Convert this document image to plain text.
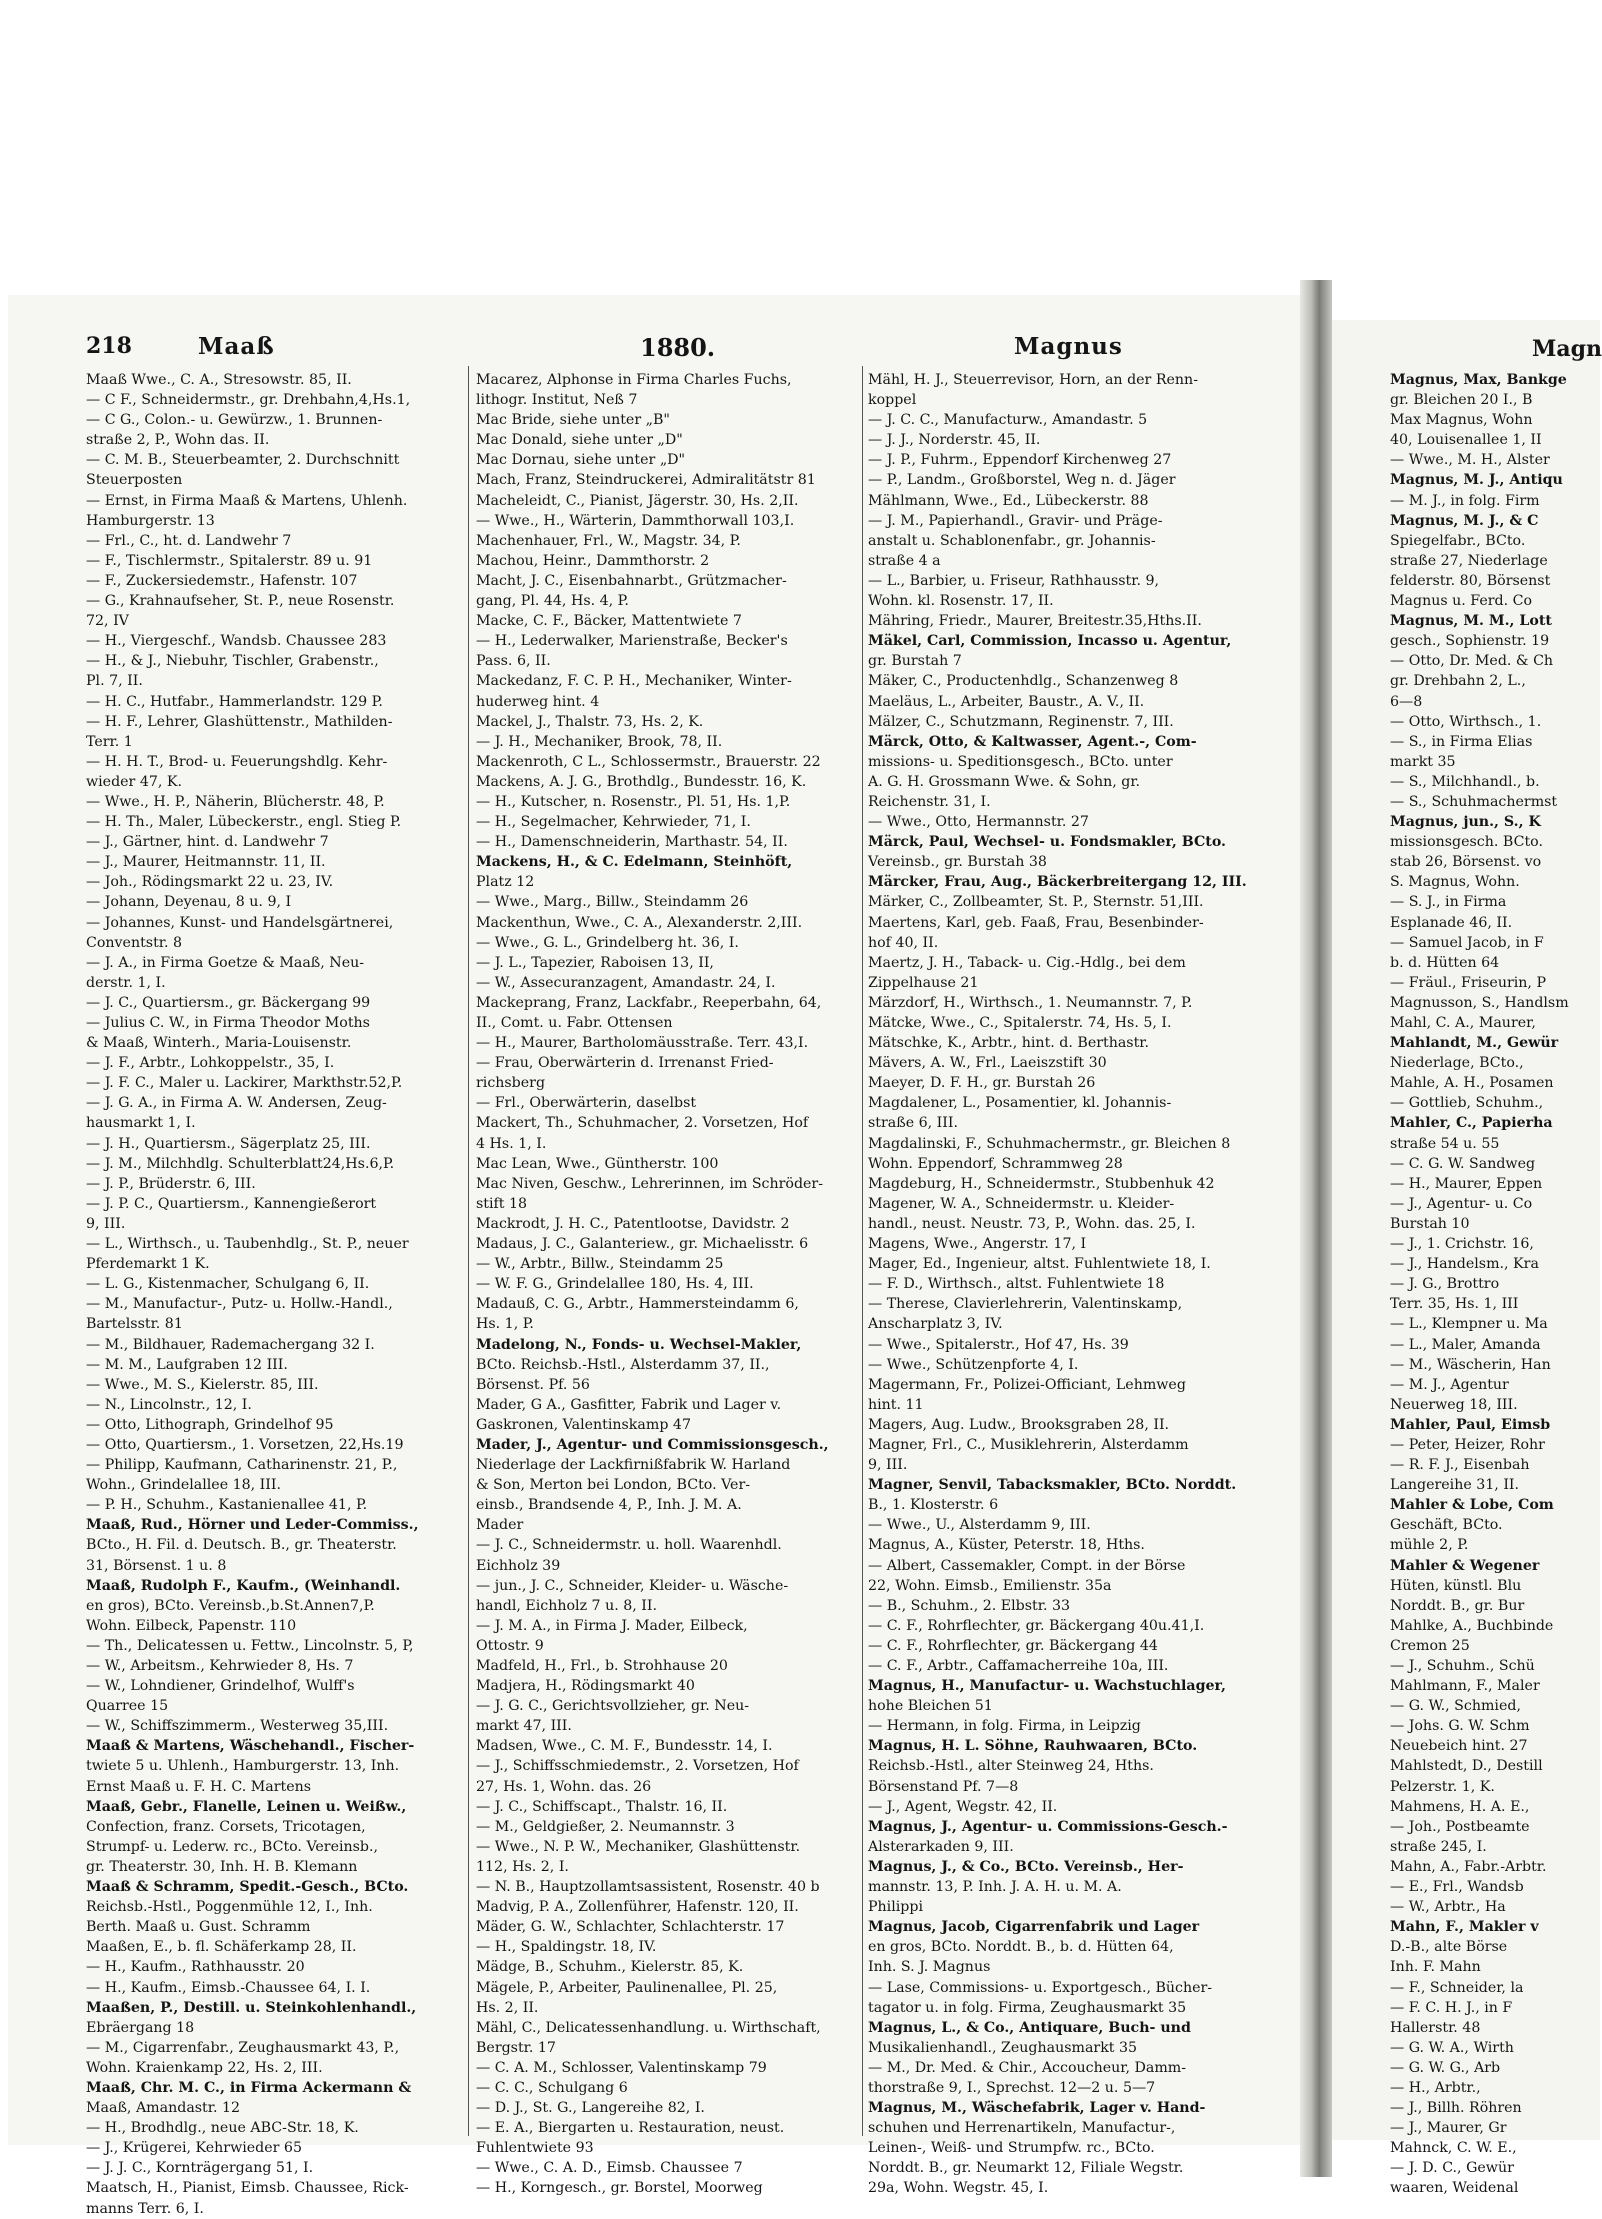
218	Maaß	1880.	Magnus	Magn
Maaß Wwe., C. A., Stresowstr. 85, II.
— C F., Schneidermstr., gr. Drehbahn,4,Hs.1,
— C G., Colon.- u. Gewürzw., 1. Brunnen-
straße 2, P., Wohn das. II.
— C. M. B., Steuerbeamter, 2. Durchschnitt
Steuerposten
— Ernst, in Firma Maaß & Martens, Uhlenh.
Hamburgerstr. 13
— Frl., C., ht. d. Landwehr 7
— F., Tischlermstr., Spitalerstr. 89 u. 91
— F., Zuckersiedemstr., Hafenstr. 107
— G., Krahnaufseher, St. P., neue Rosenstr.
72, IV
— H., Viergeschf., Wandsb. Chaussee 283
— H., & J., Niebuhr, Tischler, Grabenstr.,
Pl. 7, II.
— H. C., Hutfabr., Hammerlandstr. 129 P.
— H. F., Lehrer, Glashüttenstr., Mathilden-
Terr. 1
— H. H. T., Brod- u. Feuerungshdlg. Kehr-
wieder 47, K.
— Wwe., H. P., Näherin, Blücherstr. 48, P.
— H. Th., Maler, Lübeckerstr., engl. Stieg P.
— J., Gärtner, hint. d. Landwehr 7
— J., Maurer, Heitmannstr. 11, II.
— Joh., Rödingsmarkt 22 u. 23, IV.
— Johann, Deyenau, 8 u. 9, I
— Johannes, Kunst- und Handelsgärtnerei,
Conventstr. 8
— J. A., in Firma Goetze & Maaß, Neu-
derstr. 1, I.
— J. C., Quartiersm., gr. Bäckergang 99
— Julius C. W., in Firma Theodor Moths
& Maaß, Winterh., Maria-Louisenstr.
— J. F., Arbtr., Lohkoppelstr., 35, I.
— J. F. C., Maler u. Lackirer, Markthstr.52,P.
— J. G. A., in Firma A. W. Andersen, Zeug-
hausmarkt 1, I.
— J. H., Quartiersm., Sägerplatz 25, III.
— J. M., Milchhdlg. Schulterblatt24,Hs.6,P.
— J. P., Brüderstr. 6, III.
— J. P. C., Quartiersm., Kannengießerort
9, III.
— L., Wirthsch., u. Taubenhdlg., St. P., neuer
Pferdemarkt 1 K.
— L. G., Kistenmacher, Schulgang 6, II.
— M., Manufactur-, Putz- u. Hollw.-Handl.,
Bartelsstr. 81
— M., Bildhauer, Rademachergang 32 I.
— M. M., Laufgraben 12 III.
— Wwe., M. S., Kielerstr. 85, III.
— N., Lincolnstr., 12, I.
— Otto, Lithograph, Grindelhof 95
— Otto, Quartiersm., 1. Vorsetzen, 22,Hs.19
— Philipp, Kaufmann, Catharinenstr. 21, P.,
Wohn., Grindelallee 18, III.
— P. H., Schuhm., Kastanienallee 41, P.
Maaß, Rud., Hörner und Leder-Commiss.,
BCto., H. Fil. d. Deutsch. B., gr. Theaterstr.
31, Börsenst. 1 u. 8
Maaß, Rudolph F., Kaufm., (Weinhandl.
en gros), BCto. Vereinsb.,b.St.Annen7,P.
Wohn. Eilbeck, Papenstr. 110
— Th., Delicatessen u. Fettw., Lincolnstr. 5, P,
— W., Arbeitsm., Kehrwieder 8, Hs. 7
— W., Lohndiener, Grindelhof, Wulff's
Quarree 15
— W., Schiffszimmerm., Westerweg 35,III.
Maaß & Martens, Wäschehandl., Fischer-
twiete 5 u. Uhlenh., Hamburgerstr. 13, Inh.
Ernst Maaß u. F. H. C. Martens
Maaß, Gebr., Flanelle, Leinen u. Weißw.,
Confection, franz. Corsets, Tricotagen,
Strumpf- u. Lederw. rc., BCto. Vereinsb.,
gr. Theaterstr. 30, Inh. H. B. Klemann
Maaß & Schramm, Spedit.-Gesch., BCto.
Reichsb.-Hstl., Poggenmühle 12, I., Inh.
Berth. Maaß u. Gust. Schramm
Maaßen, E., b. fl. Schäferkamp 28, II.
— H., Kaufm., Rathhausstr. 20
— H., Kaufm., Eimsb.-Chaussee 64, I. I.
Maaßen, P., Destill. u. Steinkohlenhandl.,
Ebräergang 18
— M., Cigarrenfabr., Zeughausmarkt 43, P.,
Wohn. Kraienkamp 22, Hs. 2, III.
Maaß, Chr. M. C., in Firma Ackermann &
Maaß, Amandastr. 12
— H., Brodhdlg., neue ABC-Str. 18, K.
— J., Krügerei, Kehrwieder 65
— J. J. C., Kornträgergang 51, I.
Maatsch, H., Pianist, Eimsb. Chaussee, Rick-
manns Terr. 6, I.
Macarez, Alphonse in Firma Charles Fuchs,
lithogr. Institut, Neß 7
Mac Bride, siehe unter „B"
Mac Donald, siehe unter „D"
Mac Dornau, siehe unter „D"
Mach, Franz, Steindruckerei, Admiralitätstr 81
Macheleidt, C., Pianist, Jägerstr. 30, Hs. 2,II.
— Wwe., H., Wärterin, Dammthorwall 103,I.
Machenhauer, Frl., W., Magstr. 34, P.
Machou, Heinr., Dammthorstr. 2
Macht, J. C., Eisenbahnarbt., Grützmacher-
gang, Pl. 44, Hs. 4, P.
Macke, C. F., Bäcker, Mattentwiete 7
— H., Lederwalker, Marienstraße, Becker's
Pass. 6, II.
Mackedanz, F. C. P. H., Mechaniker, Winter-
huderweg hint. 4
Mackel, J., Thalstr. 73, Hs. 2, K.
— J. H., Mechaniker, Brook, 78, II.
Mackenroth, C L., Schlossermstr., Brauerstr. 22
Mackens, A. J. G., Brothdlg., Bundesstr. 16, K.
— H., Kutscher, n. Rosenstr., Pl. 51, Hs. 1,P.
— H., Segelmacher, Kehrwieder, 71, I.
— H., Damenschneiderin, Marthastr. 54, II.
Mackens, H., & C. Edelmann, Steinhöft,
Platz 12
— Wwe., Marg., Billw., Steindamm 26
Mackenthun, Wwe., C. A., Alexanderstr. 2,III.
— Wwe., G. L., Grindelberg ht. 36, I.
— J. L., Tapezier, Raboisen 13, II,
— W., Assecuranzagent, Amandastr. 24, I.
Mackeprang, Franz, Lackfabr., Reeperbahn, 64,
II., Comt. u. Fabr. Ottensen
— H., Maurer, Bartholomäusstraße. Terr. 43,I.
— Frau, Oberwärterin d. Irrenanst Fried-
richsberg
— Frl., Oberwärterin, daselbst
Mackert, Th., Schuhmacher, 2. Vorsetzen, Hof
4 Hs. 1, I.
Mac Lean, Wwe., Güntherstr. 100
Mac Niven, Geschw., Lehrerinnen, im Schröder-
stift 18
Mackrodt, J. H. C., Patentlootse, Davidstr. 2
Madaus, J. C., Galanteriew., gr. Michaelisstr. 6
— W., Arbtr., Billw., Steindamm 25
— W. F. G., Grindelallee 180, Hs. 4, III.
Madauß, C. G., Arbtr., Hammersteindamm 6,
Hs. 1, P.
Madelong, N., Fonds- u. Wechsel-Makler,
BCto. Reichsb.-Hstl., Alsterdamm 37, II.,
Börsenst. Pf. 56
Mader, G A., Gasfitter, Fabrik und Lager v.
Gaskronen, Valentinskamp 47
Mader, J., Agentur- und Commissionsgesch.,
Niederlage der Lackfirnißfabrik W. Harland
& Son, Merton bei London, BCto. Ver-
einsb., Brandsende 4, P., Inh. J. M. A.
Mader
— J. C., Schneidermstr. u. holl. Waarenhdl.
Eichholz 39
— jun., J. C., Schneider, Kleider- u. Wäsche-
handl, Eichholz 7 u. 8, II.
— J. M. A., in Firma J. Mader, Eilbeck,
Ottostr. 9
Madfeld, H., Frl., b. Strohhause 20
Madjera, H., Rödingsmarkt 40
— J. G. C., Gerichtsvollzieher, gr. Neu-
markt 47, III.
Madsen, Wwe., C. M. F., Bundesstr. 14, I.
— J., Schiffsschmiedemstr., 2. Vorsetzen, Hof
27, Hs. 1, Wohn. das. 26
— J. C., Schiffscapt., Thalstr. 16, II.
— M., Geldgießer, 2. Neumannstr. 3
— Wwe., N. P. W., Mechaniker, Glashüttenstr.
112, Hs. 2, I.
— N. B., Hauptzollamtsassistent, Rosenstr. 40 b
Madvig, P. A., Zollenführer, Hafenstr. 120, II.
Mäder, G. W., Schlachter, Schlachterstr. 17
— H., Spaldingstr. 18, IV.
Mädge, B., Schuhm., Kielerstr. 85, K.
Mägele, P., Arbeiter, Paulinenallee, Pl. 25,
Hs. 2, II.
Mähl, C., Delicatessenhandlung. u. Wirthschaft,
Bergstr. 17
— C. A. M., Schlosser, Valentinskamp 79
— C. C., Schulgang 6
— D. J., St. G., Langereihe 82, I.
— E. A., Biergarten u. Restauration, neust.
Fuhlentwiete 93
— Wwe., C. A. D., Eimsb. Chaussee 7
— H., Korngesch., gr. Borstel, Moorweg
Mähl, H. J., Steuerrevisor, Horn, an der Renn-
koppel
— J. C. C., Manufacturw., Amandastr. 5
— J. J., Norderstr. 45, II.
— J. P., Fuhrm., Eppendorf Kirchenweg 27
— P., Landm., Großborstel, Weg n. d. Jäger
Mählmann, Wwe., Ed., Lübeckerstr. 88
— J. M., Papierhandl., Gravir- und Präge-
anstalt u. Schablonenfabr., gr. Johannis-
straße 4 a
— L., Barbier, u. Friseur, Rathhausstr. 9,
Wohn. kl. Rosenstr. 17, II.
Mähring, Friedr., Maurer, Breitestr.35,Hths.II.
Mäkel, Carl, Commission, Incasso u. Agentur,
gr. Burstah 7
Mäker, C., Productenhdlg., Schanzenweg 8
Maeläus, L., Arbeiter, Baustr., A. V., II.
Mälzer, C., Schutzmann, Reginenstr. 7, III.
Märck, Otto, & Kaltwasser, Agent.-, Com-
missions- u. Speditionsgesch., BCto. unter
A. G. H. Grossmann Wwe. & Sohn, gr.
Reichenstr. 31, I.
— Wwe., Otto, Hermannstr. 27
Märck, Paul, Wechsel- u. Fondsmakler, BCto.
Vereinsb., gr. Burstah 38
Märcker, Frau, Aug., Bäckerbreitergang 12, III.
Märker, C., Zollbeamter, St. P., Sternstr. 51,III.
Maertens, Karl, geb. Faaß, Frau, Besenbinder-
hof 40, II.
Maertz, J. H., Taback- u. Cig.-Hdlg., bei dem
Zippelhause 21
Märzdorf, H., Wirthsch., 1. Neumannstr. 7, P.
Mätcke, Wwe., C., Spitalerstr. 74, Hs. 5, I.
Mätschke, K., Arbtr., hint. d. Berthastr.
Mävers, A. W., Frl., Laeiszstift 30
Maeyer, D. F. H., gr. Burstah 26
Magdalener, L., Posamentier, kl. Johannis-
straße 6, III.
Magdalinski, F., Schuhmachermstr., gr. Bleichen 8
Wohn. Eppendorf, Schrammweg 28
Magdeburg, H., Schneidermstr., Stubbenhuk 42
Magener, W. A., Schneidermstr. u. Kleider-
handl., neust. Neustr. 73, P., Wohn. das. 25, I.
Magens, Wwe., Angerstr. 17, I
Mager, Ed., Ingenieur, altst. Fuhlentwiete 18, I.
— F. D., Wirthsch., altst. Fuhlentwiete 18
— Therese, Clavierlehrerin, Valentinskamp,
Anscharplatz 3, IV.
— Wwe., Spitalerstr., Hof 47, Hs. 39
— Wwe., Schützenpforte 4, I.
Magermann, Fr., Polizei-Officiant, Lehmweg
hint. 11
Magers, Aug. Ludw., Brooksgraben 28, II.
Magner, Frl., C., Musiklehrerin, Alsterdamm
9, III.
Magner, Senvil, Tabacksmakler, BCto. Norddt.
B., 1. Klosterstr. 6
— Wwe., U., Alsterdamm 9, III.
Magnus, A., Küster, Peterstr. 18, Hths.
— Albert, Cassemakler, Compt. in der Börse
22, Wohn. Eimsb., Emilienstr. 35a
— B., Schuhm., 2. Elbstr. 33
— C. F., Rohrflechter, gr. Bäckergang 40u.41,I.
— C. F., Rohrflechter, gr. Bäckergang 44
— C. F., Arbtr., Caffamacherreihe 10a, III.
Magnus, H., Manufactur- u. Wachstuchlager,
hohe Bleichen 51
— Hermann, in folg. Firma, in Leipzig
Magnus, H. L. Söhne, Rauhwaaren, BCto.
Reichsb.-Hstl., alter Steinweg 24, Hths.
Börsenstand Pf. 7—8
— J., Agent, Wegstr. 42, II.
Magnus, J., Agentur- u. Commissions-Gesch.-
Alsterarkaden 9, III.
Magnus, J., & Co., BCto. Vereinsb., Her-
mannstr. 13, P. Inh. J. A. H. u. M. A.
Philippi
Magnus, Jacob, Cigarrenfabrik und Lager
en gros, BCto. Norddt. B., b. d. Hütten 64,
Inh. S. J. Magnus
— Lase, Commissions- u. Exportgesch., Bücher-
tagator u. in folg. Firma, Zeughausmarkt 35
Magnus, L., & Co., Antiquare, Buch- und
Musikalienhandl., Zeughausmarkt 35
— M., Dr. Med. & Chir., Accoucheur, Damm-
thorstraße 9, I., Sprechst. 12—2 u. 5—7
Magnus, M., Wäschefabrik, Lager v. Hand-
schuhen und Herrenartikeln, Manufactur-,
Leinen-, Weiß- und Strumpfw. rc., BCto.
Norddt. B., gr. Neumarkt 12, Filiale Wegstr.
29a, Wohn. Wegstr. 45, I.
Magnus, Max, Bankge
gr. Bleichen 20 I., B
Max Magnus, Wohn
40, Louisenallee 1, II
— Wwe., M. H., Alster
Magnus, M. J., Antiqu
— M. J., in folg. Firm
Magnus, M. J., & C
Spiegelfabr., BCto.
straße 27, Niederlage
felderstr. 80, Börsenst
Magnus u. Ferd. Co
Magnus, M. M., Lott
gesch., Sophienstr. 19
— Otto, Dr. Med. & Ch
gr. Drehbahn 2, L.,
6—8
— Otto, Wirthsch., 1.
— S., in Firma Elias
markt 35
— S., Milchhandl., b.
— S., Schuhmachermst
Magnus, jun., S., K
missionsgesch. BCto.
stab 26, Börsenst. vo
S. Magnus, Wohn.
— S. J., in Firma
Esplanade 46, II.
— Samuel Jacob, in F
b. d. Hütten 64
— Fräul., Friseurin, P
Magnusson, S., Handlsm
Mahl, C. A., Maurer,
Mahlandt, M., Gewür
Niederlage, BCto.,
Mahle, A. H., Posamen
— Gottlieb, Schuhm.,
Mahler, C., Papierha
straße 54 u. 55
— C. G. W. Sandweg
— H., Maurer, Eppen
— J., Agentur- u. Co
Burstah 10
— J., 1. Crichstr. 16,
— J., Handelsm., Kra
— J. G., Brottro
Terr. 35, Hs. 1, III
— L., Klempner u. Ma
— L., Maler, Amanda
— M., Wäscherin, Han
— M. J., Agentur
Neuerweg 18, III.
Mahler, Paul, Eimsb
— Peter, Heizer, Rohr
— R. F. J., Eisenbah
Langereihe 31, II.
Mahler & Lobe, Com
Geschäft, BCto.
mühle 2, P.
Mahler & Wegener
Hüten, künstl. Blu
Norddt. B., gr. Bur
Mahlke, A., Buchbinde
Cremon 25
— J., Schuhm., Schü
Mahlmann, F., Maler
— G. W., Schmied,
— Johs. G. W. Schm
Neuebeich hint. 27
Mahlstedt, D., Destill
Pelzerstr. 1, K.
Mahmens, H. A. E.,
— Joh., Postbeamte
straße 245, I.
Mahn, A., Fabr.-Arbtr.
— E., Frl., Wandsb
— W., Arbtr., Ha
Mahn, F., Makler v
D.-B., alte Börse
Inh. F. Mahn
— F., Schneider, la
— F. C. H. J., in F
Hallerstr. 48
— G. W. A., Wirth
— G. W. G., Arb
— H., Arbtr.,
— J., Billh. Röhren
— J., Maurer, Gr
Mahnck, C. W. E.,
— J. D. C., Gewür
waaren, Weidenal
